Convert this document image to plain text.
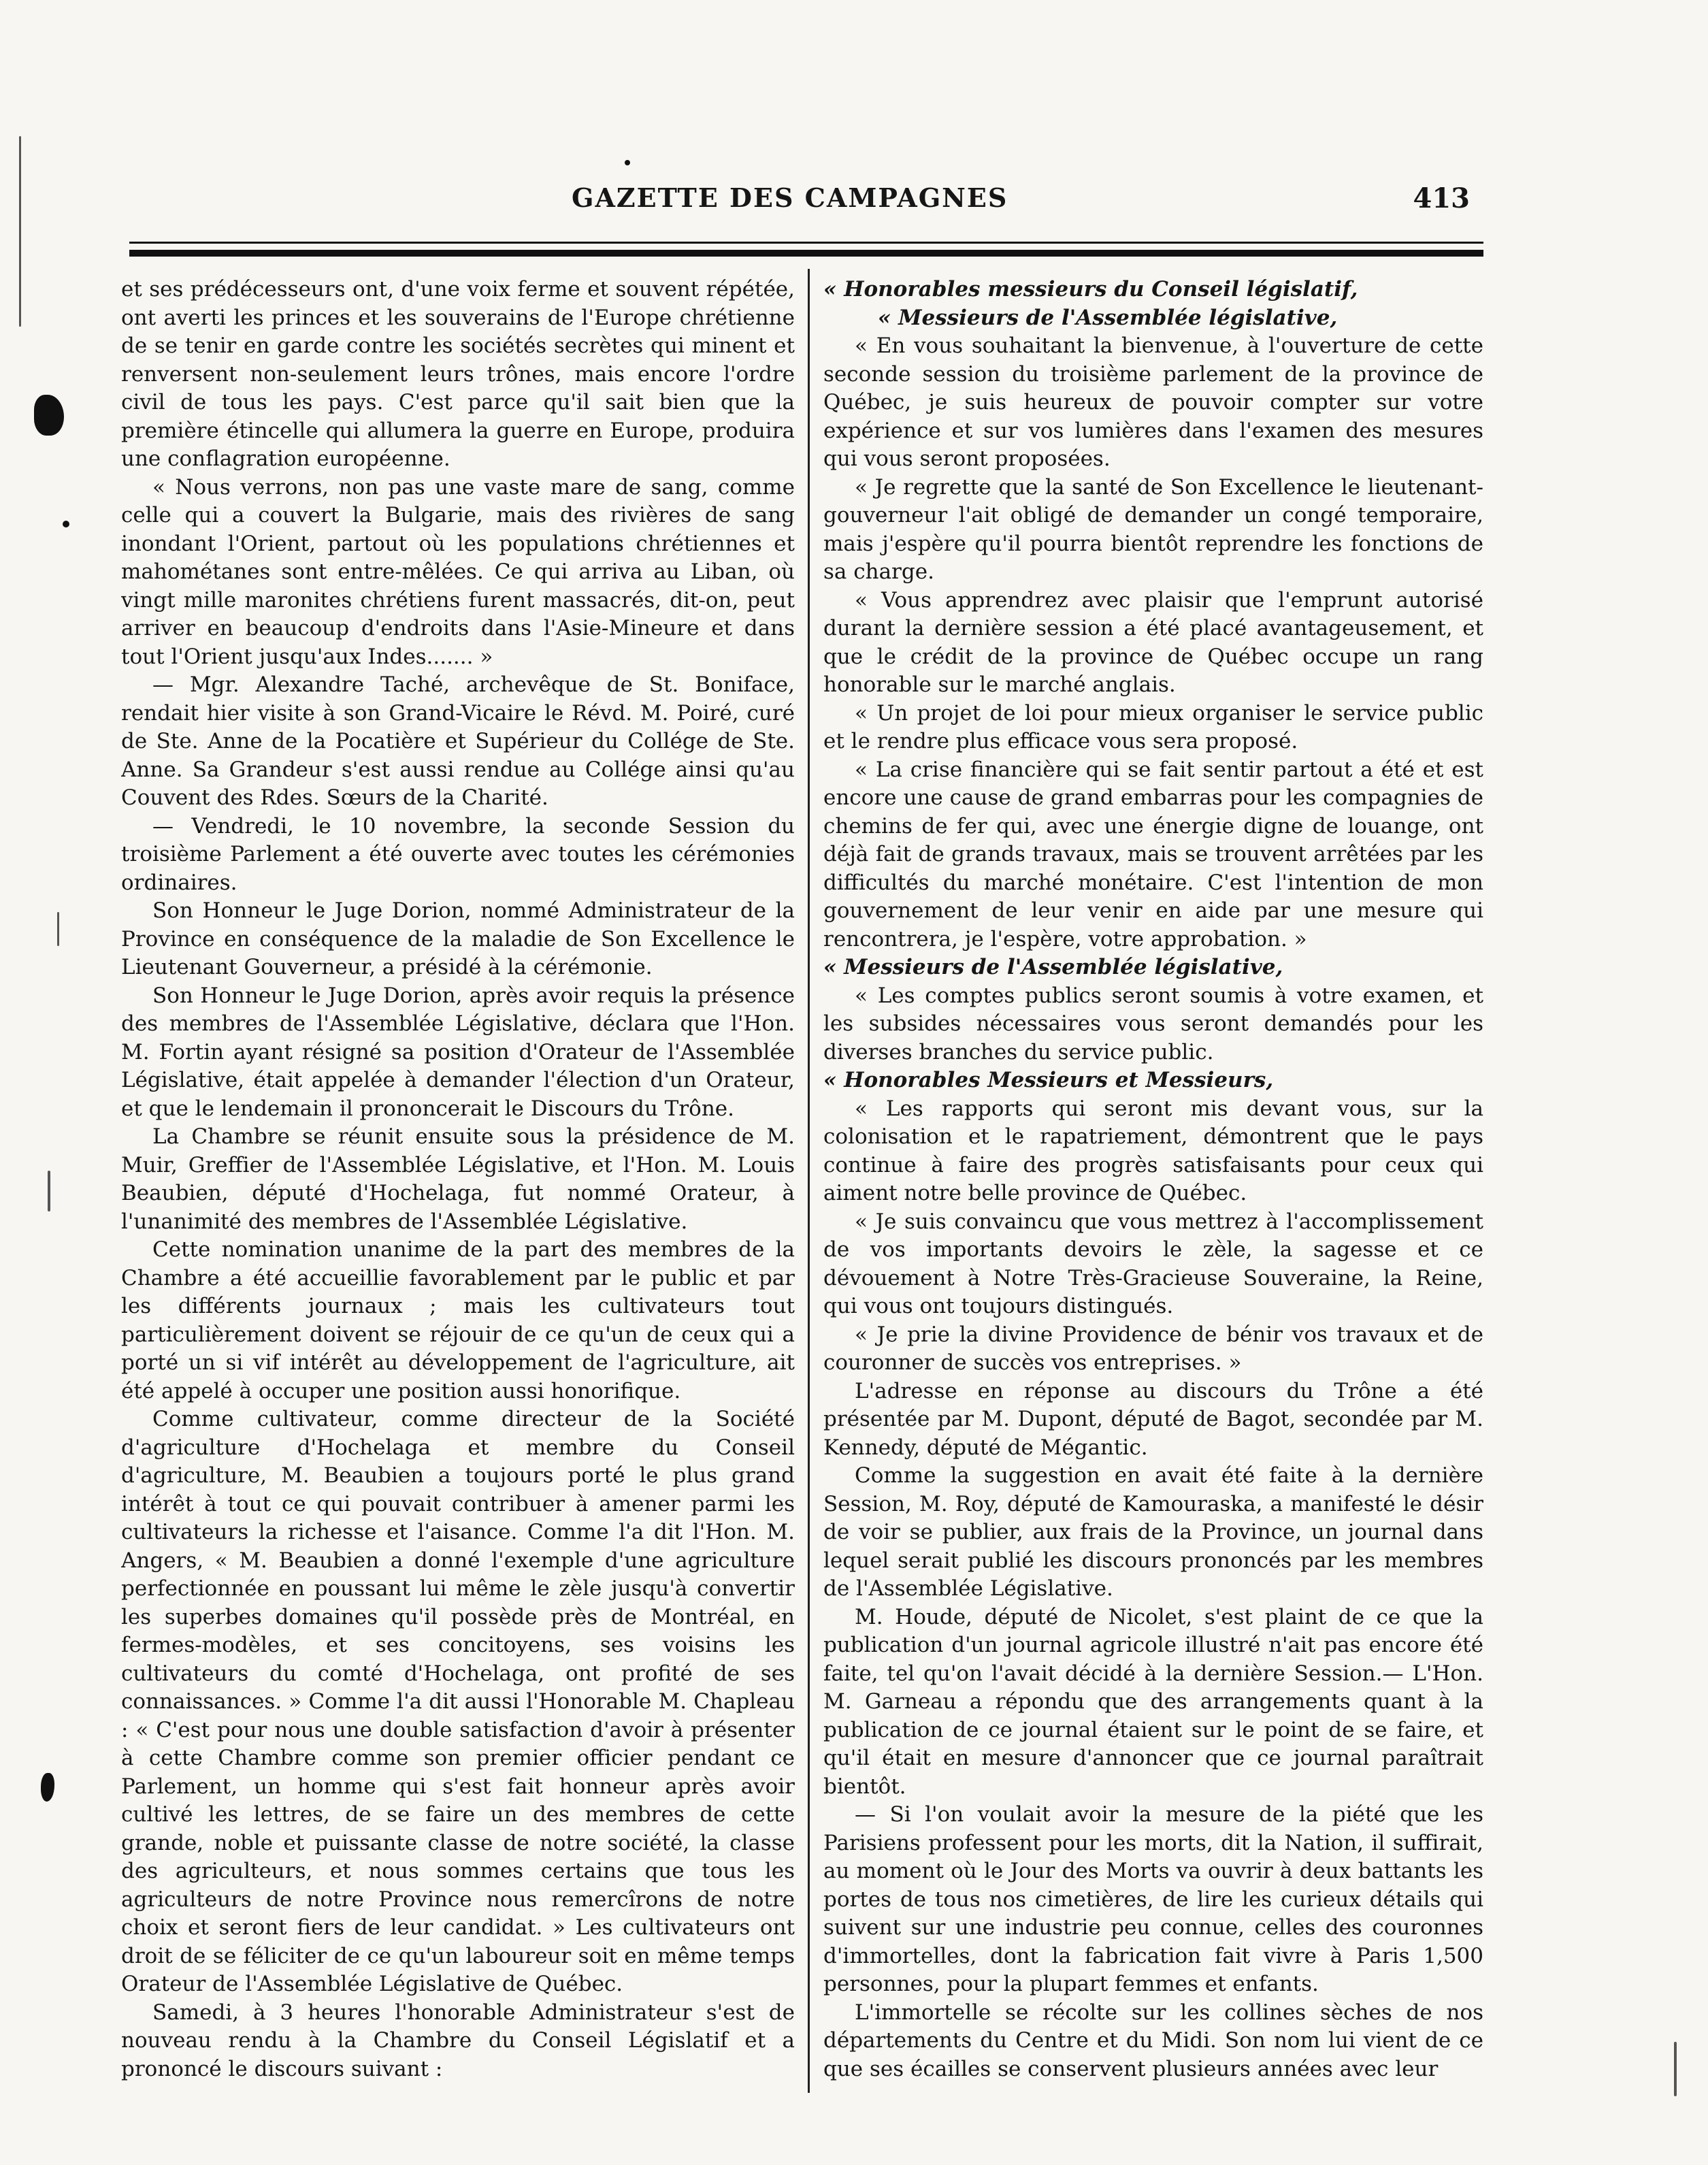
GAZETTE DES CAMPAGNES	413

et ses prédécesseurs ont, d'une voix ferme et souvent répétée, ont averti les princes et les souverains de l'Europe chrétienne de se tenir en garde contre les sociétés secrètes qui minent et renversent non-seulement leurs trônes, mais encore l'ordre civil de tous les pays. C'est parce qu'il sait bien que la première étincelle qui allumera la guerre en Europe, produira une conflagration européenne.

« Nous verrons, non pas une vaste mare de sang, comme celle qui a couvert la Bulgarie, mais des rivières de sang inondant l'Orient, partout où les populations chrétiennes et mahométanes sont entre-mêlées. Ce qui arriva au Liban, où vingt mille maronites chrétiens furent massacrés, dit-on, peut arriver en beaucoup d'endroits dans l'Asie-Mineure et dans tout l'Orient jusqu'aux Indes....... »

— Mgr. Alexandre Taché, archevêque de St. Boniface, rendait hier visite à son Grand-Vicaire le Révd. M. Poiré, curé de Ste. Anne de la Pocatière et Supérieur du Collége de Ste. Anne. Sa Grandeur s'est aussi rendue au Collége ainsi qu'au Couvent des Rdes. Sœurs de la Charité.

— Vendredi, le 10 novembre, la seconde Session du troisième Parlement a été ouverte avec toutes les cérémonies ordinaires.

Son Honneur le Juge Dorion, nommé Administrateur de la Province en conséquence de la maladie de Son Excellence le Lieutenant Gouverneur, a présidé à la cérémonie.

Son Honneur le Juge Dorion, après avoir requis la présence des membres de l'Assemblée Législative, déclara que l'Hon. M. Fortin ayant résigné sa position d'Orateur de l'Assemblée Législative, était appelée à demander l'élection d'un Orateur, et que le lendemain il prononcerait le Discours du Trône.

La Chambre se réunit ensuite sous la présidence de M. Muir, Greffier de l'Assemblée Législative, et l'Hon. M. Louis Beaubien, député d'Hochelaga, fut nommé Orateur, à l'unanimité des membres de l'Assemblée Législative.

Cette nomination unanime de la part des membres de la Chambre a été accueillie favorablement par le public et par les différents journaux ; mais les cultivateurs tout particulièrement doivent se réjouir de ce qu'un de ceux qui a porté un si vif intérêt au développement de l'agriculture, ait été appelé à occuper une position aussi honorifique.

Comme cultivateur, comme directeur de la Société d'agriculture d'Hochelaga et membre du Conseil d'agriculture, M. Beaubien a toujours porté le plus grand intérêt à tout ce qui pouvait contribuer à amener parmi les cultivateurs la richesse et l'aisance. Comme l'a dit l'Hon. M. Angers, « M. Beaubien a donné l'exemple d'une agriculture perfectionnée en poussant lui même le zèle jusqu'à convertir les superbes domaines qu'il possède près de Montréal, en fermes-modèles, et ses concitoyens, ses voisins les cultivateurs du comté d'Hochelaga, ont profité de ses connaissances. » Comme l'a dit aussi l'Honorable M. Chapleau : « C'est pour nous une double satisfaction d'avoir à présenter à cette Chambre comme son premier officier pendant ce Parlement, un homme qui s'est fait honneur après avoir cultivé les lettres, de se faire un des membres de cette grande, noble et puissante classe de notre société, la classe des agriculteurs, et nous sommes certains que tous les agriculteurs de notre Province nous remercîrons de notre choix et seront fiers de leur candidat. » Les cultivateurs ont droit de se féliciter de ce qu'un laboureur soit en même temps Orateur de l'Assemblée Législative de Québec.

Samedi, à 3 heures l'honorable Administrateur s'est de nouveau rendu à la Chambre du Conseil Législatif et a prononcé le discours suivant :

« Honorables messieurs du Conseil législatif,

« Messieurs de l'Assemblée législative,

« En vous souhaitant la bienvenue, à l'ouverture de cette seconde session du troisième parlement de la province de Québec, je suis heureux de pouvoir compter sur votre expérience et sur vos lumières dans l'examen des mesures qui vous seront proposées.

« Je regrette que la santé de Son Excellence le lieutenant-gouverneur l'ait obligé de demander un congé temporaire, mais j'espère qu'il pourra bientôt reprendre les fonctions de sa charge.

« Vous apprendrez avec plaisir que l'emprunt autorisé durant la dernière session a été placé avantageusement, et que le crédit de la province de Québec occupe un rang honorable sur le marché anglais.

« Un projet de loi pour mieux organiser le service public et le rendre plus efficace vous sera proposé.

« La crise financière qui se fait sentir partout a été et est encore une cause de grand embarras pour les compagnies de chemins de fer qui, avec une énergie digne de louange, ont déjà fait de grands travaux, mais se trouvent arrêtées par les difficultés du marché monétaire. C'est l'intention de mon gouvernement de leur venir en aide par une mesure qui rencontrera, je l'espère, votre approbation. »

« Messieurs de l'Assemblée législative,

« Les comptes publics seront soumis à votre examen, et les subsides nécessaires vous seront demandés pour les diverses branches du service public.

« Honorables Messieurs et Messieurs,

« Les rapports qui seront mis devant vous, sur la colonisation et le rapatriement, démontrent que le pays continue à faire des progrès satisfaisants pour ceux qui aiment notre belle province de Québec.

« Je suis convaincu que vous mettrez à l'accomplissement de vos importants devoirs le zèle, la sagesse et ce dévouement à Notre Très-Gracieuse Souveraine, la Reine, qui vous ont toujours distingués.

« Je prie la divine Providence de bénir vos travaux et de couronner de succès vos entreprises. »

L'adresse en réponse au discours du Trône a été présentée par M. Dupont, député de Bagot, secondée par M. Kennedy, député de Mégantic.

Comme la suggestion en avait été faite à la dernière Session, M. Roy, député de Kamouraska, a manifesté le désir de voir se publier, aux frais de la Province, un journal dans lequel serait publié les discours prononcés par les membres de l'Assemblée Législative.

M. Houde, député de Nicolet, s'est plaint de ce que la publication d'un journal agricole illustré n'ait pas encore été faite, tel qu'on l'avait décidé à la dernière Session.— L'Hon. M. Garneau a répondu que des arrangements quant à la publication de ce journal étaient sur le point de se faire, et qu'il était en mesure d'annoncer que ce journal paraîtrait bientôt.

— Si l'on voulait avoir la mesure de la piété que les Parisiens professent pour les morts, dit la Nation, il suffirait, au moment où le Jour des Morts va ouvrir à deux battants les portes de tous nos cimetières, de lire les curieux détails qui suivent sur une industrie peu connue, celles des couronnes d'immortelles, dont la fabrication fait vivre à Paris 1,500 personnes, pour la plupart femmes et enfants.

L'immortelle se récolte sur les collines sèches de nos départements du Centre et du Midi. Son nom lui vient de ce que ses écailles se conservent plusieurs années avec leur
